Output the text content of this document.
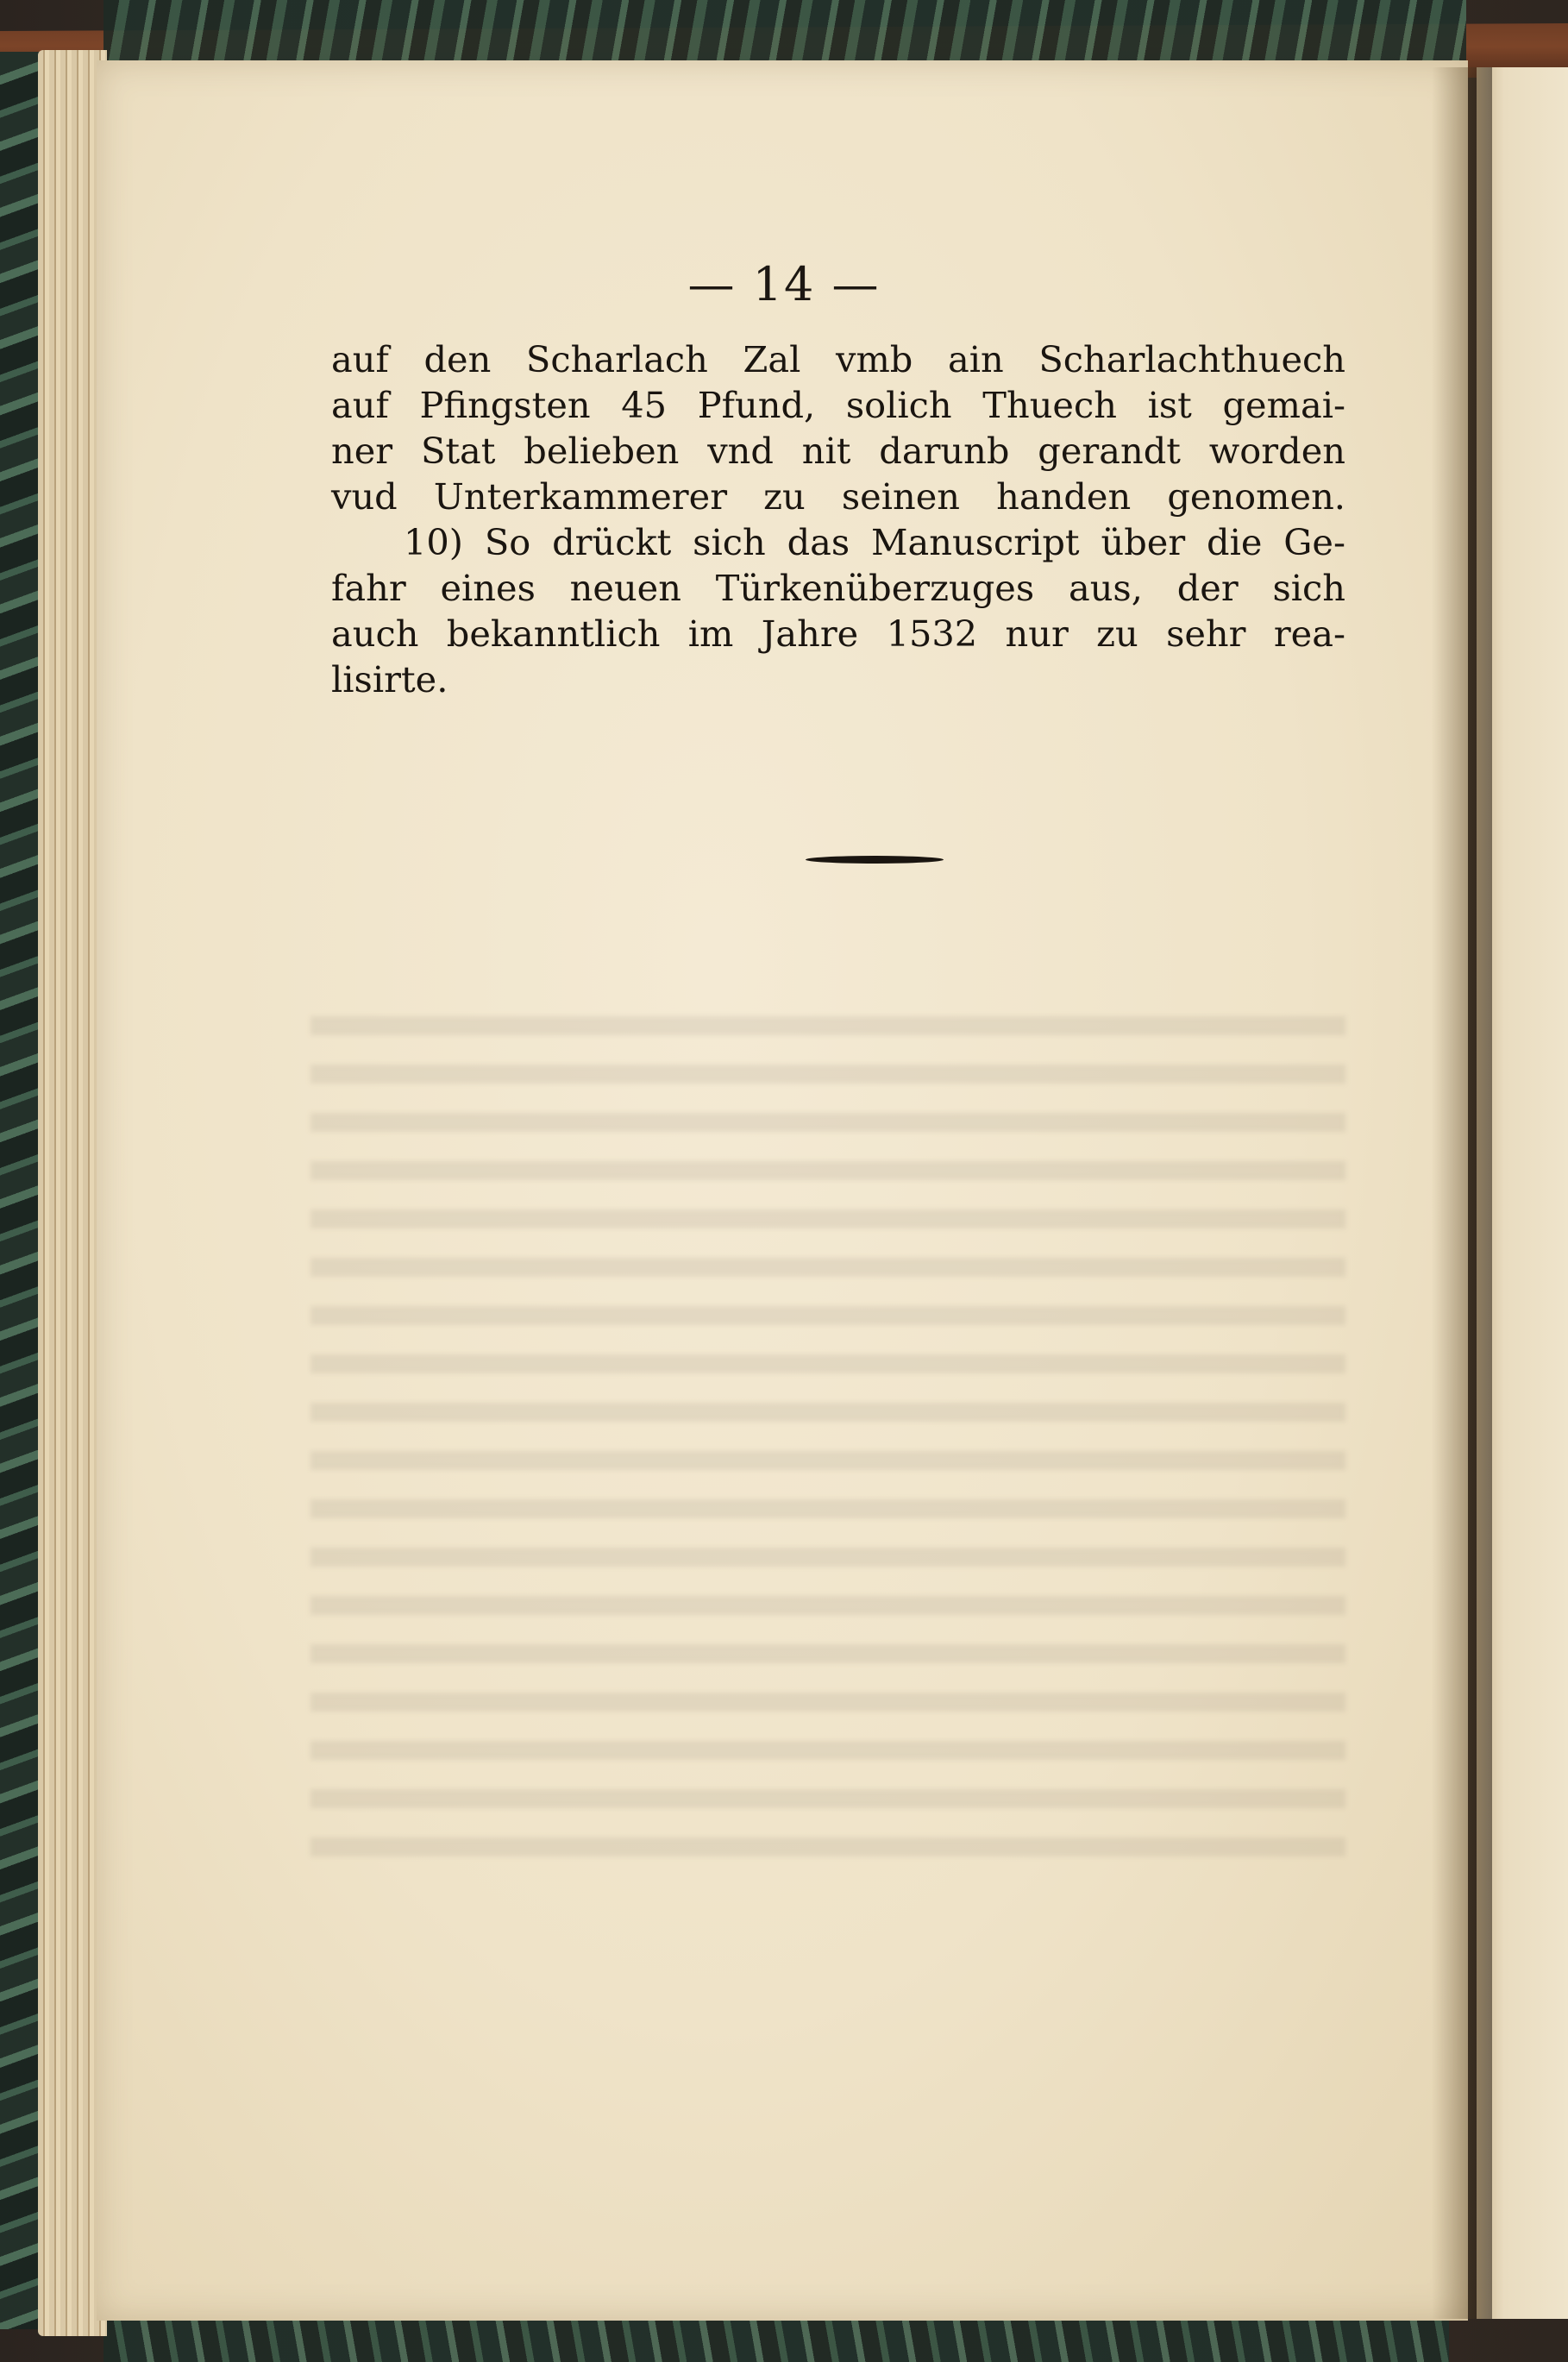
— 14 —
auf den Scharlach Zal vmb ain Scharlachthuech
auf Pfingsten 45 Pfund, solich Thuech ist gemai-
ner Stat belieben vnd nit darunb gerandt worden
vud Unterkammerer zu seinen handen genomen.
10) So drückt sich das Manuscript über die Ge-
fahr eines neuen Türkenüberzuges aus, der sich
auch bekanntlich im Jahre 1532 nur zu sehr rea-
lisirte.
